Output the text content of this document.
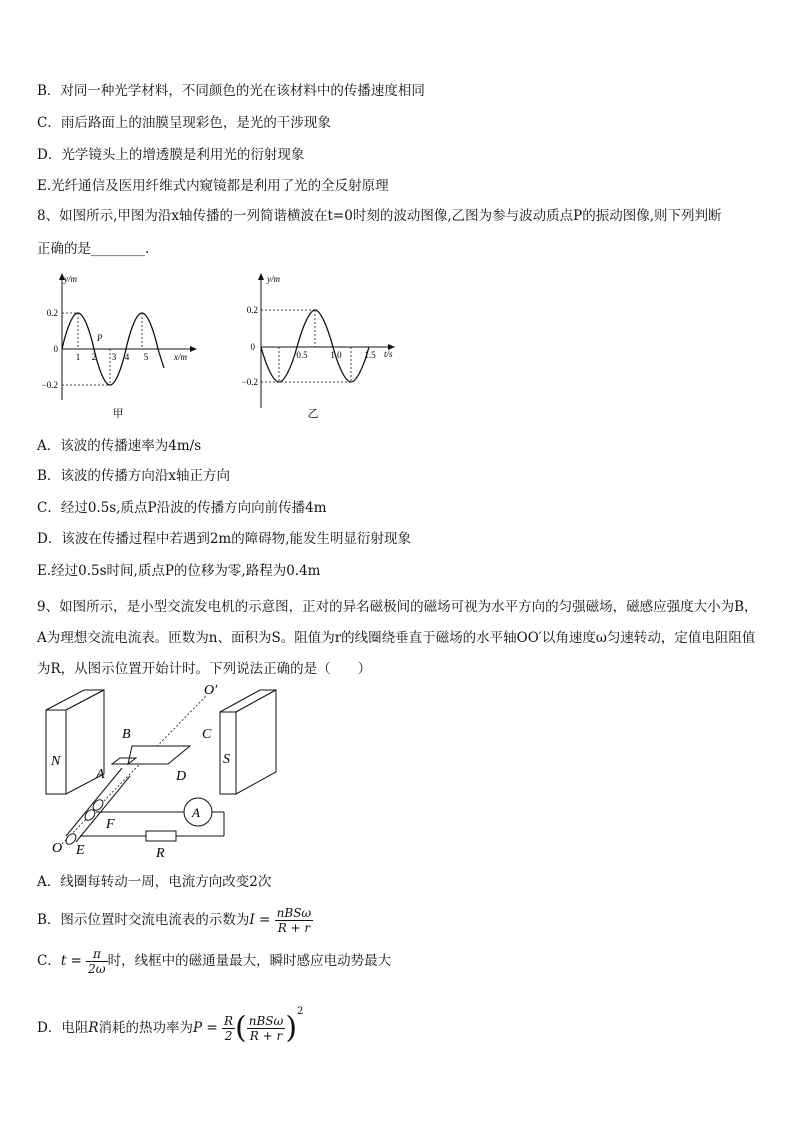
B．对同一种光学材料，不同颜色的光在该材料中的传播速度相同
C．雨后路面上的油膜呈现彩色，是光的干涉现象
D．光学镜头上的增透膜是利用光的衍射现象
E.光纤通信及医用纤维式内窥镜都是利用了光的全反射原理
8、如图所示,甲图为沿x轴传播的一列简谐横波在t=0时刻的波动图像,乙图为参与波动质点P的振动图像,则下列判断
正确的是________.
y/m
x/m
0.2
0
−0.2
1 2 3 4 5
P
甲
y/m
t/s
0.2
0
−0.2
0.5	1.0	1.5
乙
A．该波的传播速率为4m/s
B．该波的传播方向沿x轴正方向
C．经过0.5s,质点P沿波的传播方向向前传播4m
D．该波在传播过程中若遇到2m的障碍物,能发生明显衍射现象
E.经过0.5s时间,质点P的位移为零,路程为0.4m
9、如图所示，是小型交流发电机的示意图，正对的异名磁极间的磁场可视为水平方向的匀强磁场，磁感应强度大小为B，A为理想交流电流表。匝数为n、面积为S。阻值为r的线圈绕垂直于磁场的水平轴OO′以角速度ω匀速转动，定值电阻阻值为R，从图示位置开始计时。下列说法正确的是（　　）
N	S
B	C
A	D
O′
A
F
R
O E
A．线圈每转动一周，电流方向改变2次
B．图示位置时交流电流表的示数为$I = \frac{\text{nBSω}}{R + r}$
C．$t = \frac{\pi}{2\omega}$ 时，线框中的磁通量最大，瞬时感应电动势最大
D．电阻R消耗的热功率为$P = \frac{R}{2}$ ( $\frac{\text{nBSω}}{R + r} )^2$
